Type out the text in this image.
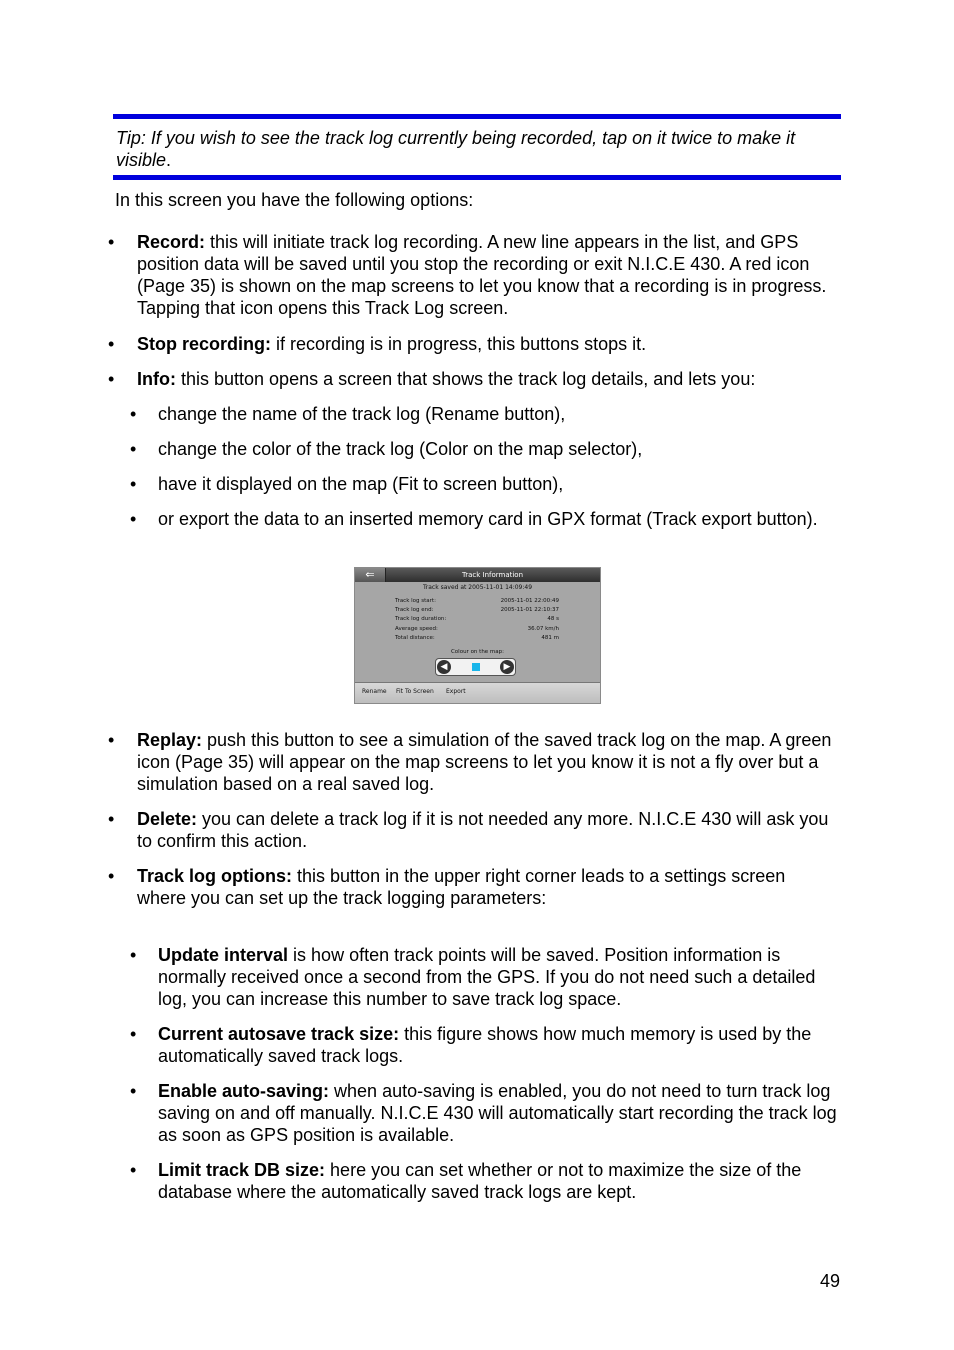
Tip: If you wish to see the track log currently being recorded, tap on it twice to make it visible.
In this screen you have the following options:
•	Record: this will initiate track log recording. A new line appears in the list, and GPS position data will be saved until you stop the recording or exit N.I.C.E 430. A red icon (Page 35) is shown on the map screens to let you know that a recording is in progress. Tapping that icon opens this Track Log screen.
•	Stop recording: if recording is in progress, this buttons stops it.
•	Info: this button opens a screen that shows the track log details, and lets you:
•	change the name of the track log (Rename button),
•	change the color of the track log (Color on the map selector),
•	have it displayed on the map (Fit to screen button),
•	or export the data to an inserted memory card in GPX format (Track export button).
⇐	Track Information
Track saved at 2005-11-01 14:09:49
Track log start:	2005-11-01 22:00:49
Track log end:	2005-11-01 22:10:37
Track log duration:	48 s
Average speed:	36.07 km/h
Total distance:	481 m
Colour on the map:
◀	▶
Rename Fit To Screen Export
•	Replay: push this button to see a simulation of the saved track log on the map. A green icon (Page 35) will appear on the map screens to let you know it is not a fly over but a simulation based on a real saved log.
•	Delete: you can delete a track log if it is not needed any more. N.I.C.E 430 will ask you to confirm this action.
•	Track log options: this button in the upper right corner leads to a settings screen where you can set up the track logging parameters:
•	Update interval is how often track points will be saved. Position information is normally received once a second from the GPS. If you do not need such a detailed log, you can increase this number to save track log space.
•	Current autosave track size: this figure shows how much memory is used by the automatically saved track logs.
•	Enable auto-saving: when auto-saving is enabled, you do not need to turn track log saving on and off manually. N.I.C.E 430 will automatically start recording the track log as soon as GPS position is available.
•	Limit track DB size: here you can set whether or not to maximize the size of the database where the automatically saved track logs are kept.
49
